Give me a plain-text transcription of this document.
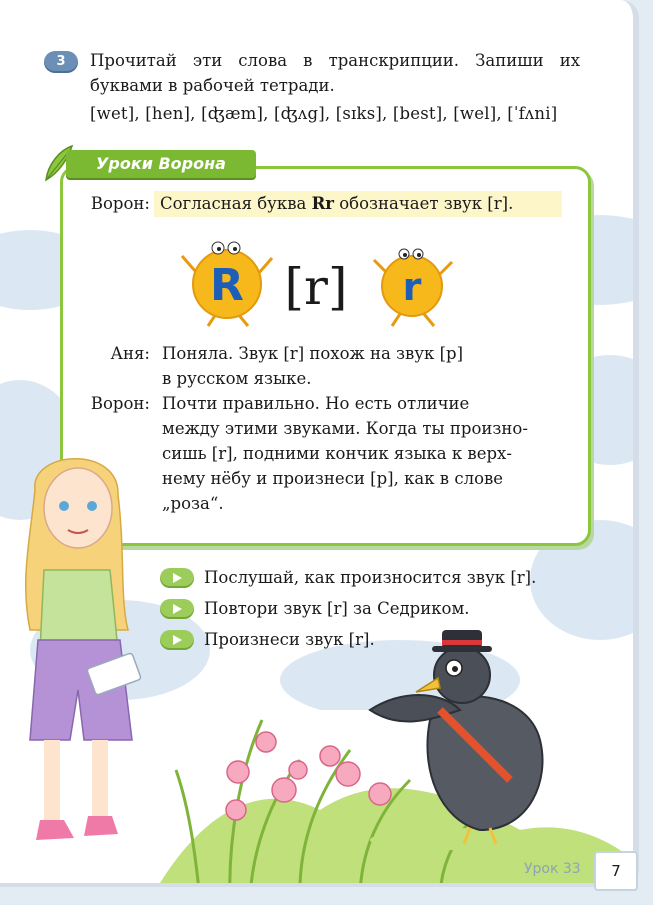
3	Прочитай эти слова в транскрипции. Запиши их буквами в рабочей тетради.
[wet], [hen], [ʤæm], [ʤʌg], [sɪks], [best], [wel], [ˈfʌni]
Уроки Ворона
Ворон: Согласная буква Rr обозначает звук [r].
R [r] r
Аня: Поняла. Звук [r] похож на звук [р]
в русском языке.
Ворон: Почти правильно. Но есть отличие
между этими звуками. Когда ты произно-
сишь [r], подними кончик языка к верх-
нему нёбу и произнеси [р], как в слове
„роза“.
Послушай, как произносится звук [r].
Повтори звук [r] за Седриком.
Произнеси звук [r].
Урок 33	7
